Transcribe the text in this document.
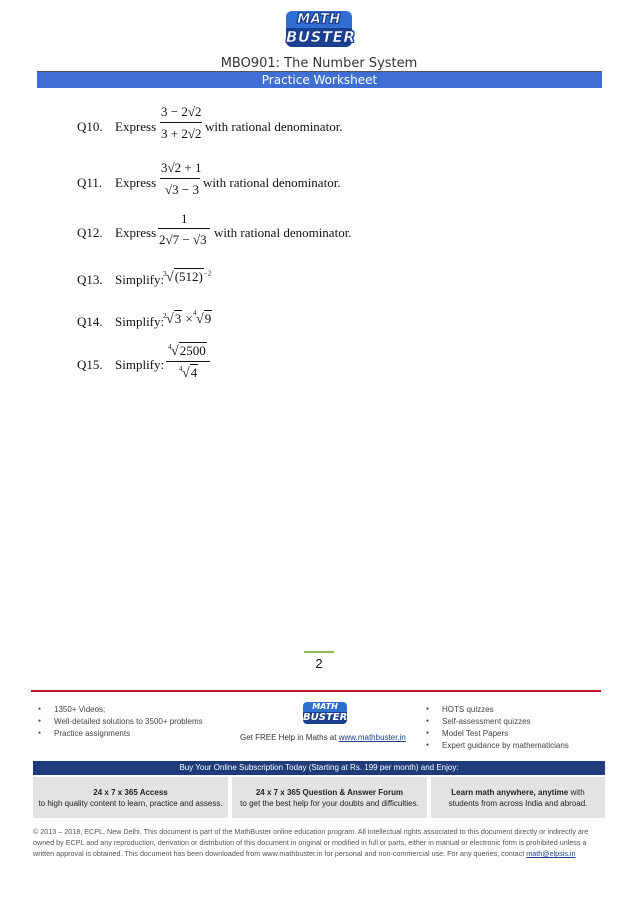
MATH
BUSTER
MBO901: The Number System
Practice Worksheet
Q10. Express
3 − 2√2
3 + 2√2 with rational denominator.
Q11. Express
3√2 + 1
√3 − 3 with rational denominator.
Q12. Express
1
2√7 − √3 with rational denominator.
Q13. Simplify:
3 $√(512)^{-2}$
Q14. Simplify:
2 √3 × 4 √9
Q15. Simplify:
4 √2500
4 √4
2
● 1350+ Videos;
● Well-detailed solutions to 3500+ problems
● Practice assignments
MATH
BUSTER
Get FREE Help in Maths at www.mathbuster.in
● HOTS quizzes
● Self-assessment quizzes
● Model Test Papers
● Expert guidance by mathematicians
Buy Your Online Subscription Today (Starting at Rs. 199 per month) and Enjoy:
24 x 7 x 365 Access
to high quality content to learn, practice and assess.
24 x 7 x 365 Question & Answer Forum
to get the best help for your doubts and difficulties.
Learn math anywhere, anytime with
students from across India and abroad.
© 2013 – 2018, ECPL, New Delhi. This document is part of the MathBuster online education program. All intellectual rights associated to this document directly or indirectly are owned by ECPL and any reproduction, derivation or distribution of this document in original or modified in full or parts, either in manual or electronic form is prohibited unless a written approval is obtained. This document has been downloaded from www.mathbuster.in for personal and non-commercial use. For any queries, contact math@elpsis.in
